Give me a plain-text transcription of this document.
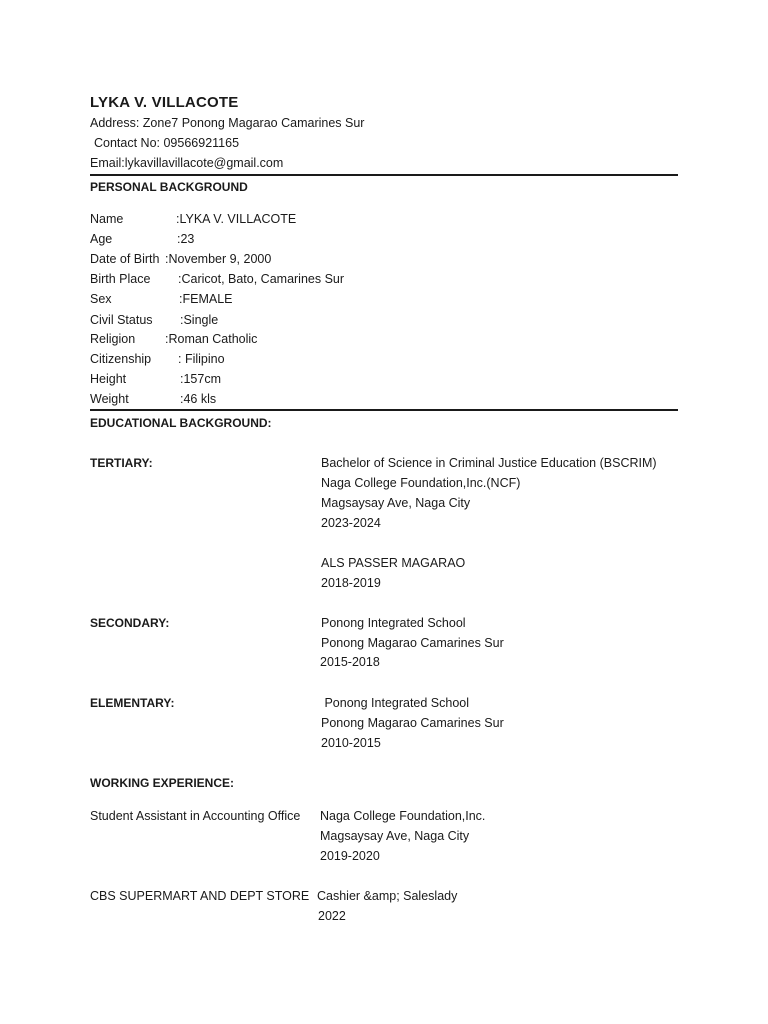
LYKA V. VILLACOTE
Address: Zone7 Ponong Magarao Camarines Sur
Contact No: 09566921165
Email:lykavillavillacote@gmail.com
PERSONAL BACKGROUND
Name	:LYKA V. VILLACOTE
Age	:23
Date of Birth :November 9, 2000
Birth Place :Caricot, Bato, Camarines Sur
Sex	:FEMALE
Civil Status :Single
Religion :Roman Catholic
Citizenship : Filipino
Height	:157cm
Weight	:46 kls
EDUCATIONAL BACKGROUND:
TERTIARY:	Bachelor of Science in Criminal Justice Education (BSCRIM)
Naga College Foundation,Inc.(NCF)
Magsaysay Ave, Naga City
2023-2024
ALS PASSER MAGARAO
2018-2019
SECONDARY:	Ponong Integrated School
Ponong Magarao Camarines Sur
2015-2018
ELEMENTARY:	Ponong Integrated School
Ponong Magarao Camarines Sur
2010-2015
WORKING EXPERIENCE:
Student Assistant in Accounting Office Naga College Foundation,Inc.
Magsaysay Ave, Naga City
2019-2020
CBS SUPERMART AND DEPT STORE Cashier &amp; Saleslady
2022
